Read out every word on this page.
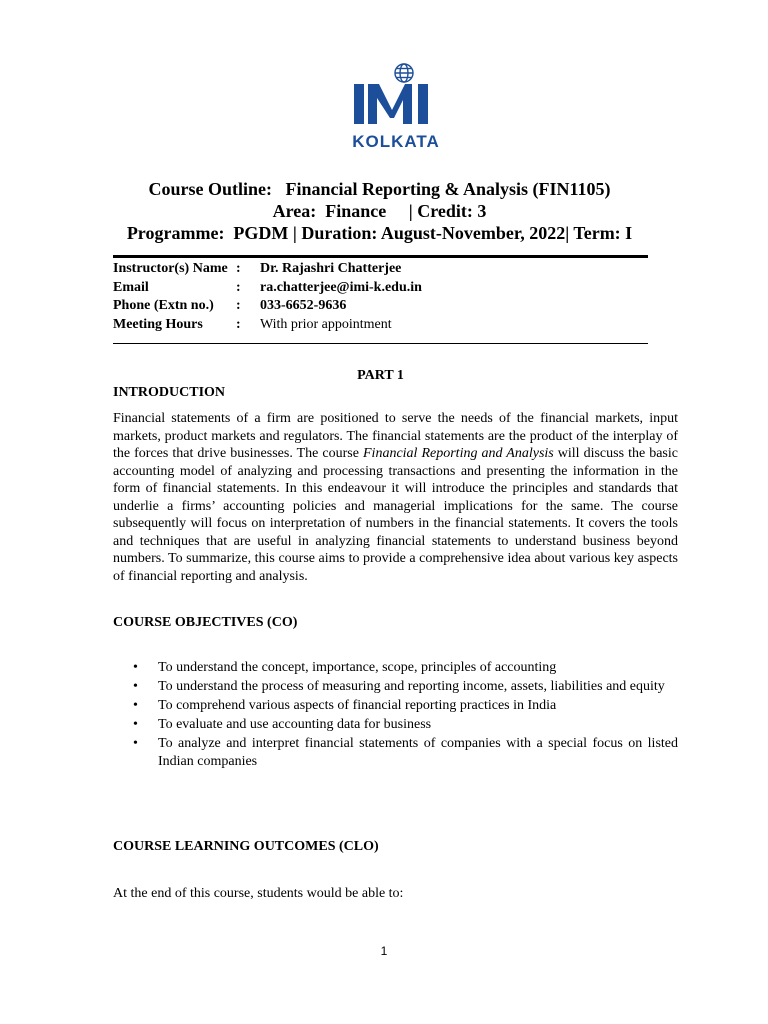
KOLKATA
Course Outline:   Financial Reporting & Analysis (FIN1105)
Area:  Finance     | Credit: 3
Programme:  PGDM | Duration: August-November, 2022| Term: I
Instructor(s) Name :	Dr. Rajashri Chatterjee
Email	:	ra.chatterjee@imi-k.edu.in
Phone (Extn no.)	:	033-6652-9636
Meeting Hours	:	With prior appointment
PART 1
INTRODUCTION
Financial statements of a firm are positioned to serve the needs of the financial markets, input markets, product markets and regulators. The financial statements are the product of the interplay of the forces that drive businesses. The course Financial Reporting and Analysis will discuss the basic accounting model of analyzing and processing transactions and presenting the information in the form of financial statements. In this endeavour it will introduce the principles and standards that underlie a firms’ accounting policies and managerial implications for the same. The course subsequently will focus on interpretation of numbers in the financial statements. It covers the tools and techniques that are useful in analyzing financial statements to understand business beyond numbers. To summarize, this course aims to provide a comprehensive idea about various key aspects of financial reporting and analysis.
COURSE OBJECTIVES (CO)
• To understand the concept, importance, scope, principles of accounting
• To understand the process of measuring and reporting income, assets, liabilities and equity
• To comprehend various aspects of financial reporting practices in India
• To evaluate and use accounting data for business
• To analyze and interpret financial statements of companies with a special focus on listed Indian companies
COURSE LEARNING OUTCOMES (CLO)
At the end of this course, students would be able to:
1
